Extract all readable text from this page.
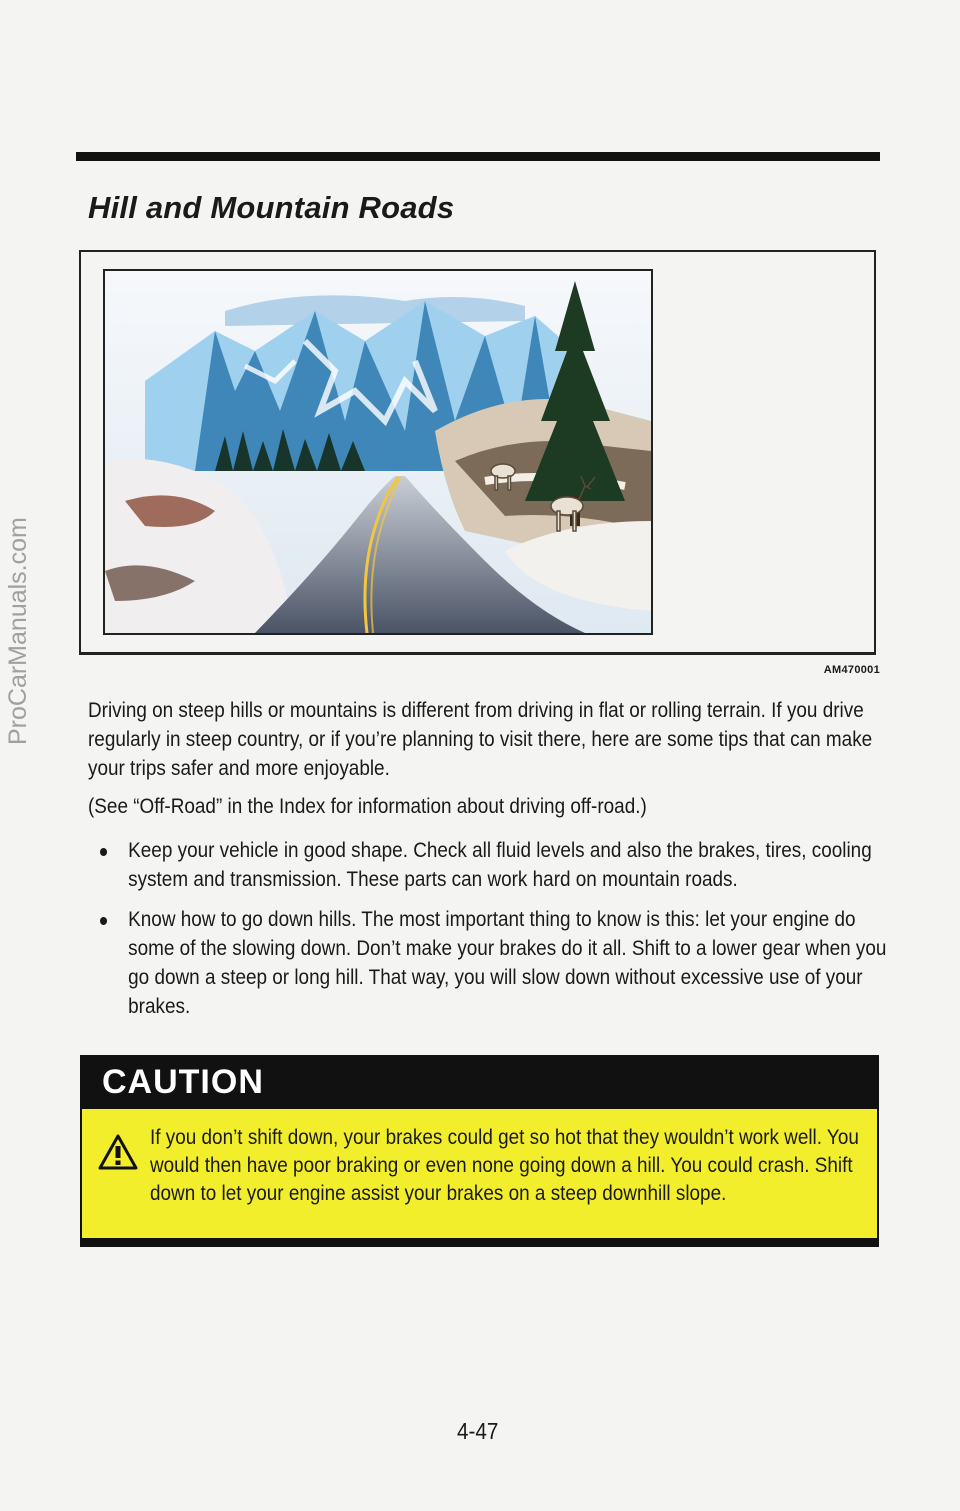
Hill and Mountain Roads
AM470001

Driving on steep hills or mountains is different from driving in flat or rolling terrain. If you drive regularly in steep country, or if you’re planning to visit there, here are some tips that can make your trips safer and more enjoyable.

(See “Off-Road” in the Index for information about driving off-road.)

Keep your vehicle in good shape. Check all fluid levels and also the brakes, tires, cooling system and transmission. These parts can work hard on mountain roads.
Know how to go down hills. The most important thing to know is this: let your engine do some of the slowing down. Don’t make your brakes do it all. Shift to a lower gear when you go down a steep or long hill. That way, you will slow down without excessive use of your brakes.
CAUTION

If you don’t shift down, your brakes could get so hot that they wouldn’t work well. You would then have poor braking or even none going down a hill. You could crash. Shift down to let your engine assist your brakes on a steep downhill slope.

4-47
ProCarManuals.com
